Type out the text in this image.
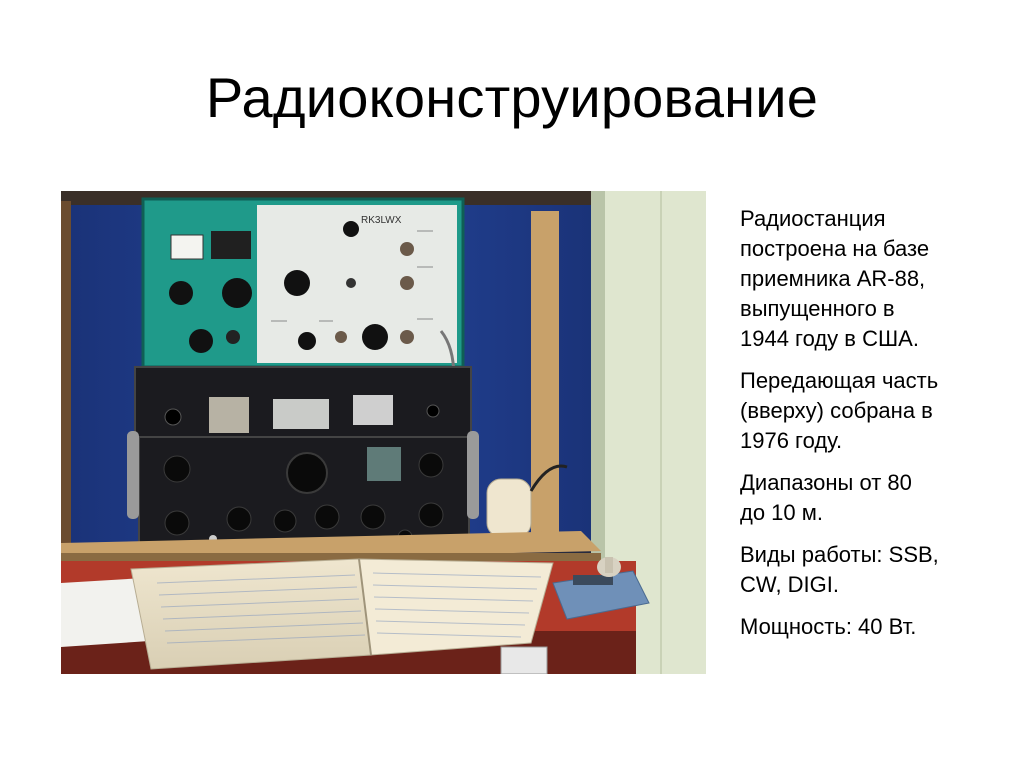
Радиоконструирование
RK3LWX	Радиостанция
построена на базе
приемника AR-88,
выпущенного в
1944 году в США.

Передающая часть
(вверху) собрана в
1976 году.

Диапазоны от 80
до 10 м.

Виды работы: SSB,
CW, DIGI.

Мощность: 40 Вт.
